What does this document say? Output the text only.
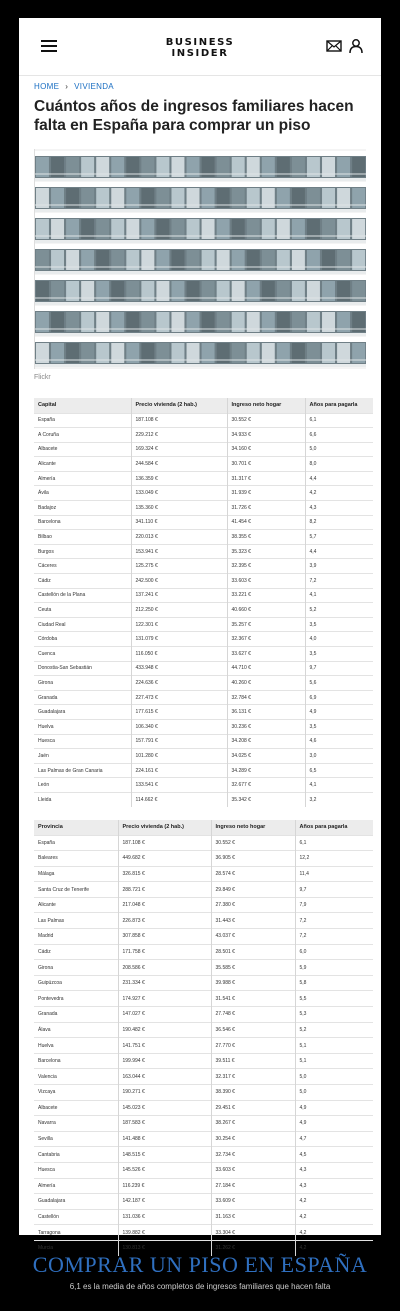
BUSINESS
INSIDER
HOME › VIVIENDA
Cuántos años de ingresos familiares hacen falta en España para comprar un piso
Flickr
Capital	Precio vivienda (2 hab.)	Ingreso neto hogar	Años para pagarla
España	187.108 €	30.552 €	6,1
A Coruña	229.212 €	34.933 €	6,6
Albacete	169.324 €	34.160 €	5,0
Alicante	244.584 €	30.701 €	8,0
Almería	136.359 €	31.317 €	4,4
Ávila	133.049 €	31.939 €	4,2
Badajoz	135.360 €	31.726 €	4,3
Barcelona	341.110 €	41.454 €	8,2
Bilbao	220.013 €	38.355 €	5,7
Burgos	153.941 €	35.323 €	4,4
Cáceres	125.275 €	32.395 €	3,9
Cádiz	242.500 €	33.603 €	7,2
Castellón de la Plana	137.241 €	33.221 €	4,1
Ceuta	212.250 €	40.660 €	5,2
Ciudad Real	122.301 €	35.257 €	3,5
Córdoba	131.079 €	32.367 €	4,0
Cuenca	116.050 €	33.627 €	3,5
Donostia-San Sebastián	433.948 €	44.710 €	9,7
Girona	224.636 €	40.260 €	5,6
Granada	227.473 €	32.784 €	6,9
Guadalajara	177.615 €	36.131 €	4,9
Huelva	106.340 €	30.236 €	3,5
Huesca	157.791 €	34.208 €	4,6
Jaén	101.280 €	34.025 €	3,0
Las Palmas de Gran Canaria	224.161 €	34.289 €	6,5
León	133.541 €	32.677 €	4,1
Lleida	114.662 €	35.342 €	3,2
Provincia	Precio vivienda (2 hab.)	Ingreso neto hogar	Años para pagarla
España	187.108 €	30.552 €	6,1
Baleares	449.682 €	36.905 €	12,2
Málaga	326.815 €	28.574 €	11,4
Santa Cruz de Tenerife	288.721 €	29.849 €	9,7
Alicante	217.048 €	27.380 €	7,9
Las Palmas	226.873 €	31.443 €	7,2
Madrid	307.858 €	43.037 €	7,2
Cádiz	171.758 €	28.501 €	6,0
Girona	208.586 €	35.585 €	5,9
Guipúzcoa	231.334 €	39.988 €	5,8
Pontevedra	174.927 €	31.541 €	5,5
Granada	147.027 €	27.748 €	5,3
Álava	190.482 €	36.546 €	5,2
Huelva	141.751 €	27.770 €	5,1
Barcelona	199.994 €	39.511 €	5,1
Valencia	163.044 €	32.317 €	5,0
Vizcaya	190.271 €	38.390 €	5,0
Albacete	145.023 €	29.451 €	4,9
Navarra	187.583 €	38.267 €	4,9
Sevilla	141.488 €	30.254 €	4,7
Cantabria	148.515 €	32.734 €	4,5
Huesca	145.526 €	33.603 €	4,3
Almería	116.239 €	27.184 €	4,3
Guadalajara	142.187 €	33.609 €	4,2
Castellón	131.036 €	31.163 €	4,2
Tarragona	139.882 €	33.304 €	4,2
Murcia	130.813 €	31.262 €	4,2
COMPRAR UN PISO EN ESPAÑA
6,1 es la media de años completos de ingresos familiares que hacen falta
